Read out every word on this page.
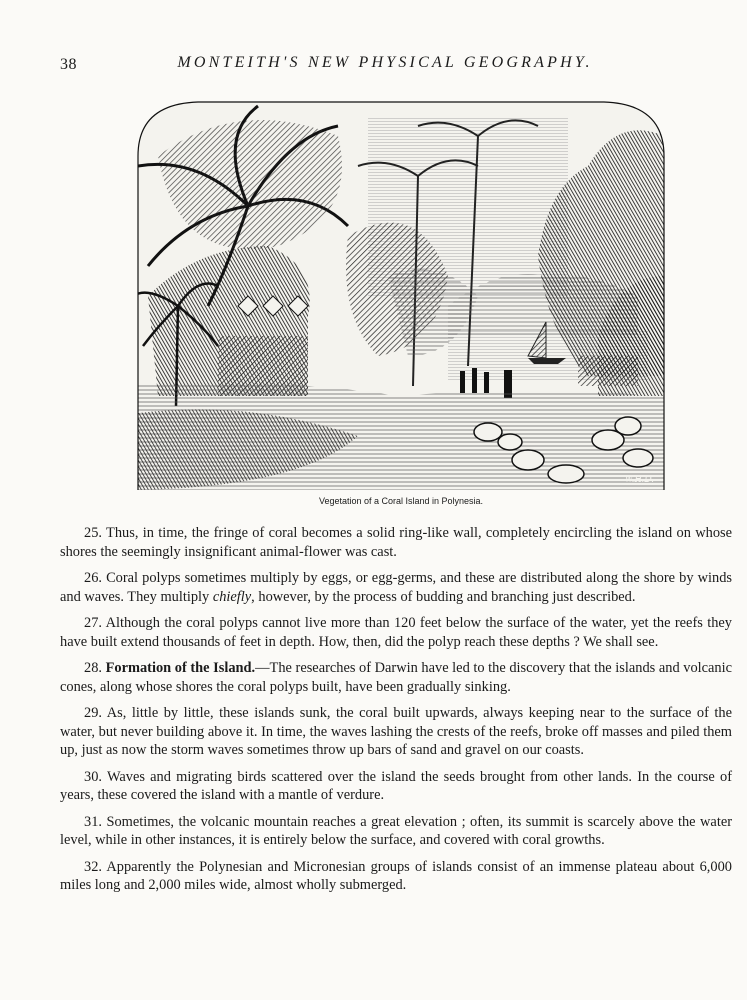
38	MONTEITH'S NEW PHYSICAL GEOGRAPHY.
W.H.D.
Vegetation of a Coral Island in Polynesia.

25. Thus, in time, the fringe of coral becomes a solid ring-like wall, completely encircling the island on whose shores the seemingly insignificant animal-flower was cast.

26. Coral polyps sometimes multiply by eggs, or egg-germs, and these are distributed along the shore by winds and waves. They multiply chiefly, however, by the process of budding and branching just described.

27. Although the coral polyps cannot live more than 120 feet below the surface of the water, yet the reefs they have built extend thousands of feet in depth. How, then, did the polyp reach these depths ? We shall see.

28. Formation of the Island.—The researches of Darwin have led to the discovery that the islands and volcanic cones, along whose shores the coral polyps built, have been gradually sinking.

29. As, little by little, these islands sunk, the coral built upwards, always keeping near to the surface of the water, but never building above it. In time, the waves lashing the crests of the reefs, broke off masses and piled them up, just as now the storm waves sometimes throw up bars of sand and gravel on our coasts.

30. Waves and migrating birds scattered over the island the seeds brought from other lands. In the course of years, these covered the island with a mantle of verdure.

31. Sometimes, the volcanic mountain reaches a great elevation ; often, its summit is scarcely above the water level, while in other instances, it is entirely below the surface, and covered with coral growths.

32. Apparently the Polynesian and Micronesian groups of islands consist of an immense plateau about 6,000 miles long and 2,000 miles wide, almost wholly submerged.
